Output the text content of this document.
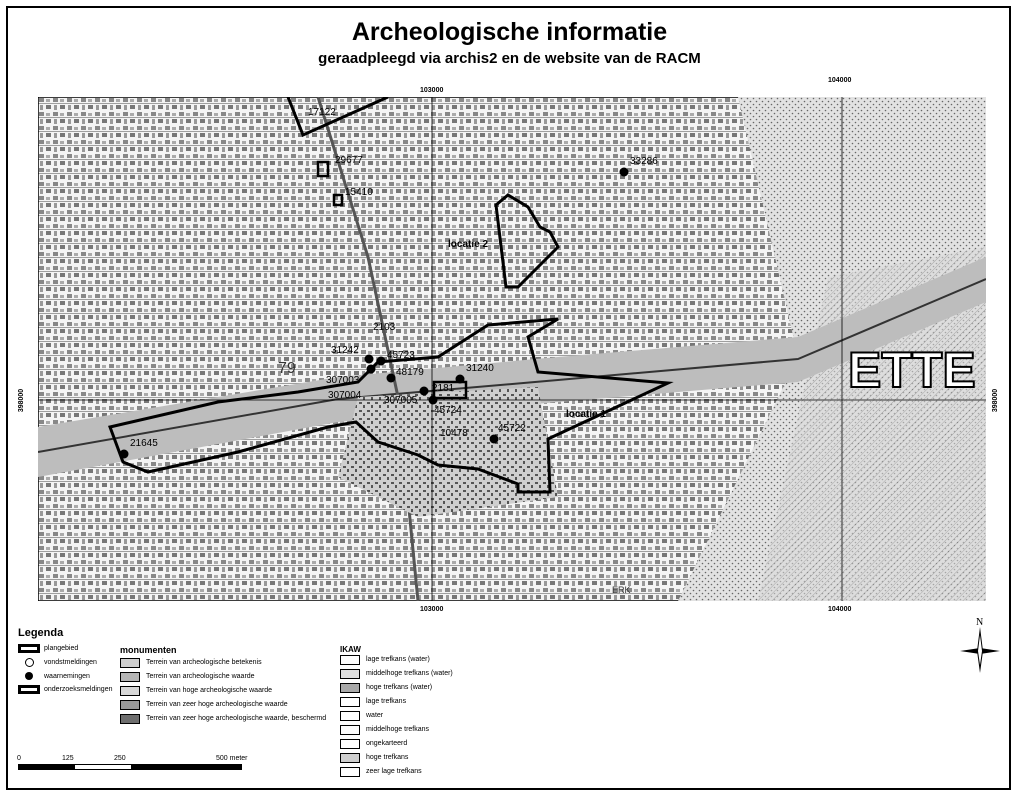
Archeologische informatie
geraadpleegd via archis2 en de website van de RACM
103000
104000
103000	104000
398000	398000
17122
29677
15410
33286
2103
31242	45723
307003
48179	31240
307004
2181
307005
45724
10478	45722
21645
locatie 2
locatie 1
79
ERK
ETTE
Legenda
plangebied
vondstmeldingen
waarnemingen
onderzoeksmeldingen
monumenten
Terrein van archeologische betekenis
Terrein van archeologische waarde
Terrein van hoge archeologische waarde
Terrein van zeer hoge archeologische waarde
Terrein van zeer hoge archeologische waarde, beschermd
IKAW
lage trefkans (water)
middelhoge trefkans (water)
hoge trefkans (water)
lage trefkans
water
middelhoge trefkans
ongekarteerd
hoge trefkans
zeer lage trefkans
0	125	250	500 meter
N
